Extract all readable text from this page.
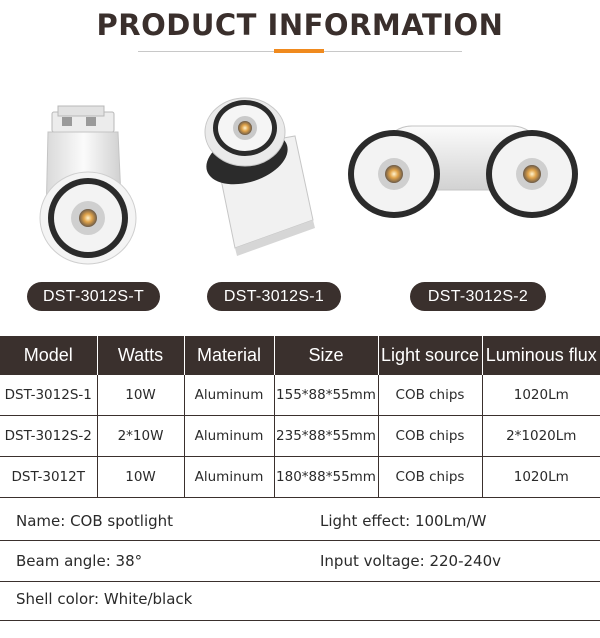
PRODUCT INFORMATION
DST-3012S-T	DST-3012S-1	DST-3012S-2
Model	Watts	Material	Size	Light source	Luminous flux
DST-3012S-1	10W	Aluminum	155*88*55mm	COB chips	1020Lm
DST-3012S-2	2*10W	Aluminum	235*88*55mm	COB chips	2*1020Lm
DST-3012T	10W	Aluminum	180*88*55mm	COB chips	1020Lm
Name: COB spotlight	Light effect: 100Lm/W
Beam angle: 38°	Input voltage: 220-240v
Shell color: White/black
